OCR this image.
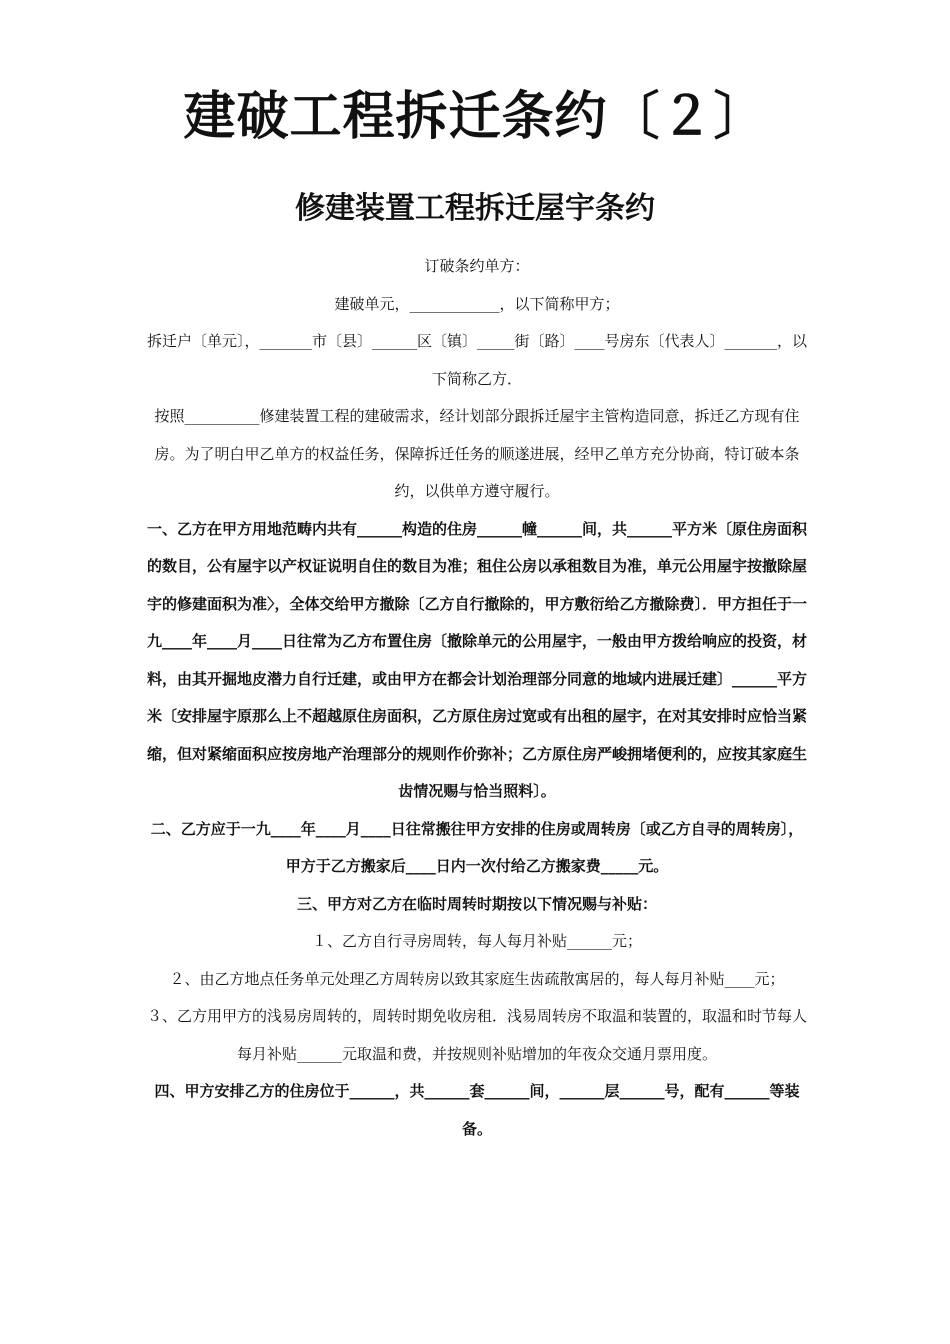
建破工程拆迁条约〔２〕
修建装置工程拆迁屋宇条约

订破条约单方：

建破单元，____________，以下简称甲方；

拆迁户〔单元〕，_______市〔县〕______区〔镇〕_____街〔路〕____号房东〔代表人〕_______，以下简称乙方．

按照__________修建装置工程的建破需求，经计划部分跟拆迁屋宇主管构造同意，拆迁乙方现有住房。为了明白甲乙单方的权益任务，保障拆迁任务的顺遂进展，经甲乙单方充分协商，特订破本条约，以供单方遵守履行。

一、乙方在甲方用地范畴内共有______构造的住房______幢______间，共______平方米〔原住房面积的数目，公有屋宇以产权证说明自住的数目为准；租住公房以承租数目为准，单元公用屋宇按撤除屋宇的修建面积为准〉，全体交给甲方撤除〔乙方自行撤除的，甲方敷衍给乙方撤除费〕．甲方担任于一九____年____月____日往常为乙方布置住房〔撤除单元的公用屋宇，一般由甲方拨给响应的投资，材料，由其开掘地皮潜力自行迁建，或由甲方在都会计划治理部分同意的地域内进展迁建〕______平方米〔安排屋宇原那么上不超越原住房面积，乙方原住房过宽或有出租的屋宇，在对其安排时应恰当紧缩，但对紧缩面积应按房地产治理部分的规则作价弥补；乙方原住房严峻拥堵便利的，应按其家庭生齿情况赐与恰当照料〕。

二、乙方应于一九____年____月____日往常搬往甲方安排的住房或周转房〔或乙方自寻的周转房〕，甲方于乙方搬家后____日内一次付给乙方搬家费_____元。

三、甲方对乙方在临时周转时期按以下情况赐与补贴：

１、乙方自行寻房周转，每人每月补贴______元；

２、由乙方地点任务单元处理乙方周转房以致其家庭生齿疏散寓居的，每人每月补贴____元；

３、乙方用甲方的浅易房周转的，周转时期免收房租．浅易周转房不取温和装置的，取温和时节每人每月补贴______元取温和费，并按规则补贴增加的年夜众交通月票用度。

四、甲方安排乙方的住房位于______，共______套______间，______层______号，配有______等装备。
